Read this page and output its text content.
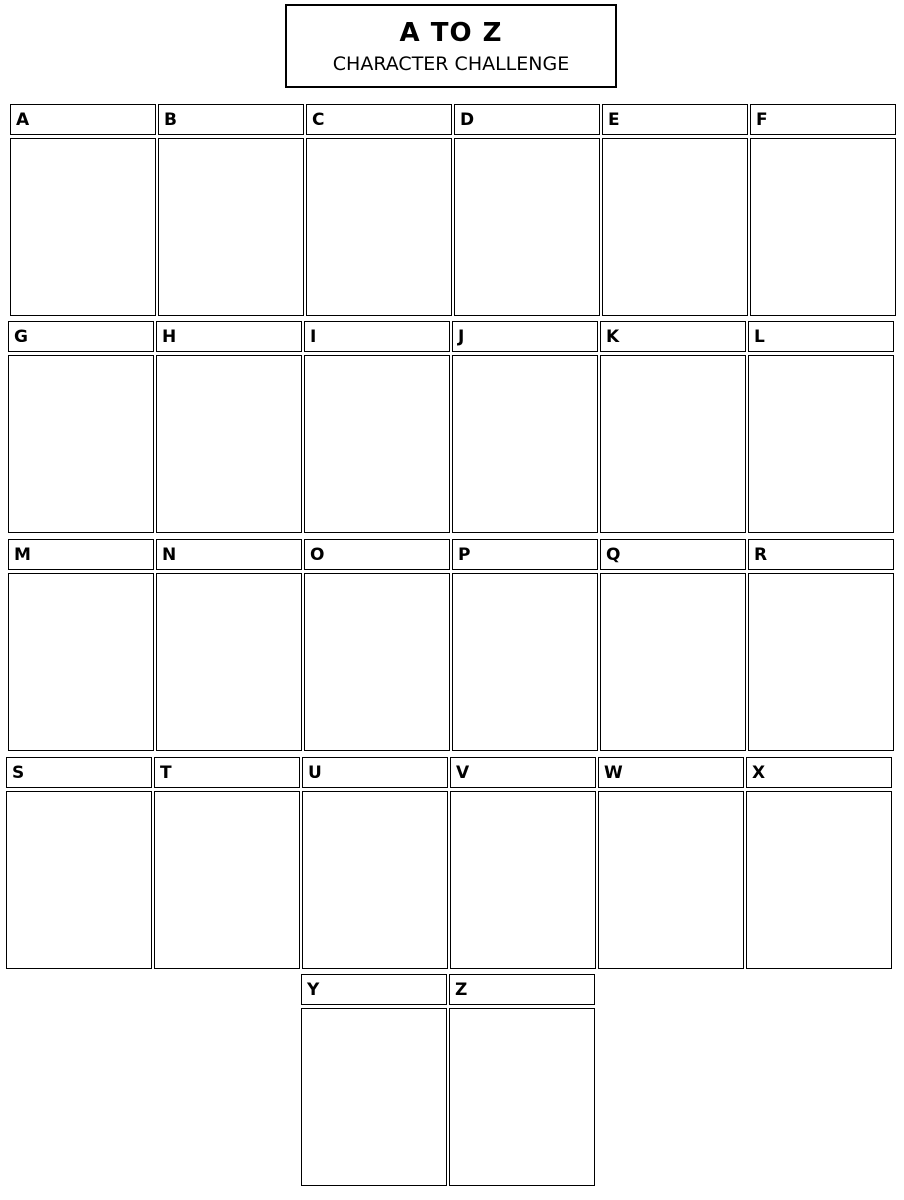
A TO Z
CHARACTER CHALLENGE
A	B	C	D	E	F
G	H	I	J	K	L
M	N	O	P	Q	R
S	T	U	V	W	X
Y	Z
